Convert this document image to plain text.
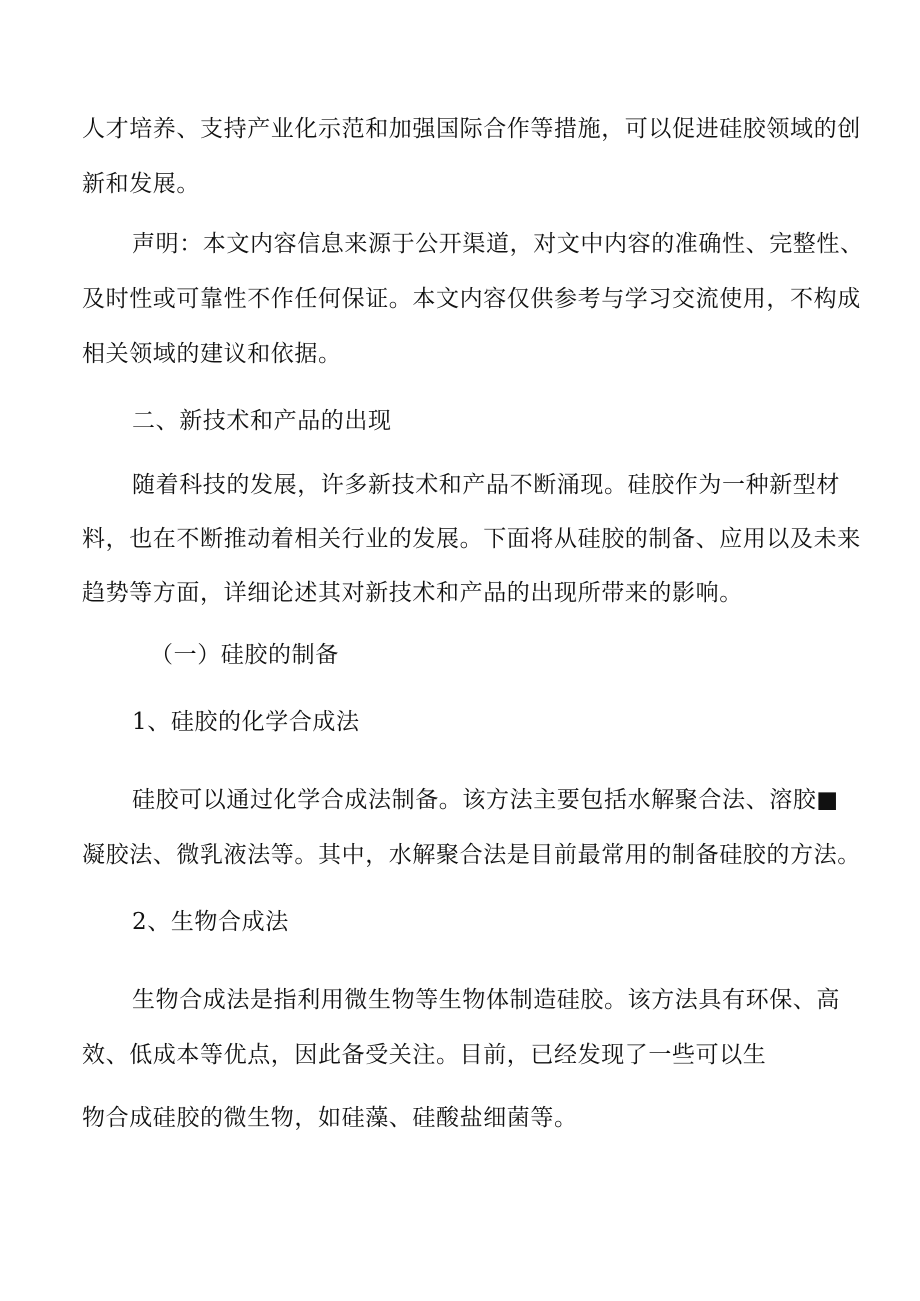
人才培养、支持产业化示范和加强国际合作等措施，可以促进硅胶领域的创
新和发展。
声明：本文内容信息来源于公开渠道，对文中内容的准确性、完整性、
及时性或可靠性不作任何保证。本文内容仅供参考与学习交流使用，不构成
相关领域的建议和依据。
二、新技术和产品的出现
随着科技的发展，许多新技术和产品不断涌现。硅胶作为一种新型材
料，也在不断推动着相关行业的发展。下面将从硅胶的制备、应用以及未来
趋势等方面，详细论述其对新技术和产品的出现所带来的影响。
（一）硅胶的制备
1、硅胶的化学合成法
硅胶可以通过化学合成法制备。该方法主要包括水解聚合法、溶胶■
凝胶法、微乳液法等。其中，水解聚合法是目前最常用的制备硅胶的方法。
2、生物合成法
生物合成法是指利用微生物等生物体制造硅胶。该方法具有环保、高
效、低成本等优点，因此备受关注。目前，已经发现了一些可以生
物合成硅胶的微生物，如硅藻、硅酸盐细菌等。
